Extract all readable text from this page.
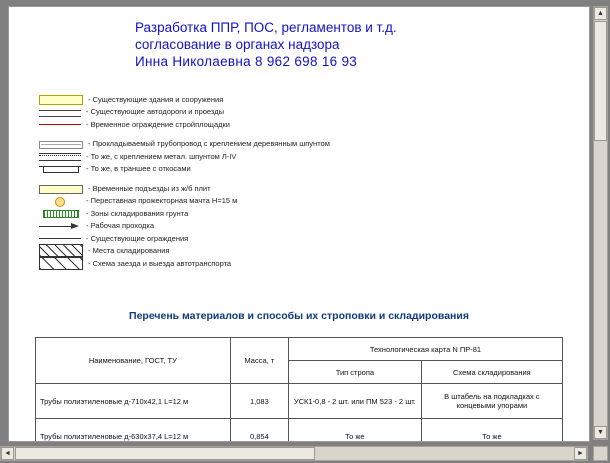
Разработка ППР, ПОС, регламентов и т.д.
согласование в органах надзора
Инна Николаевна 8 962 698 16 93
- Существующие здания и сооружения
- Существующие автодороги и проезды
- Временное ограждение стройплощадки
- Прокладываемый трубопровод с креплением деревянным шпунтом
- То же, с креплением метал. шпунтом Л-IV
- То же, в траншее с откосами
- Временные подъезды из ж/б плит
- Переставная прожекторная мачта Н=15 м
- Зоны складирования грунта
- Рабочая проходка
- Существующие ограждения
- Места складирования
- Схема заезда и выезда автотранспорта
Перечень материалов и способы их строповки и складирования
Наименование, ГОСТ, ТУ	Масса, т	Технологическая карта N ПР-81	
		Тип стропа	Схема складирования
Трубы полиэтиленовые д-710х42,1 L=12 м	1,083	УСК1-0,8 - 2 шт. или ПМ 523 - 2 шт.	В штабель на подкладках с концевыми упорами
Трубы полиэтиленовые д-630х37,4 L=12 м	0,854	То же	То же
▲
▼
◄	►
